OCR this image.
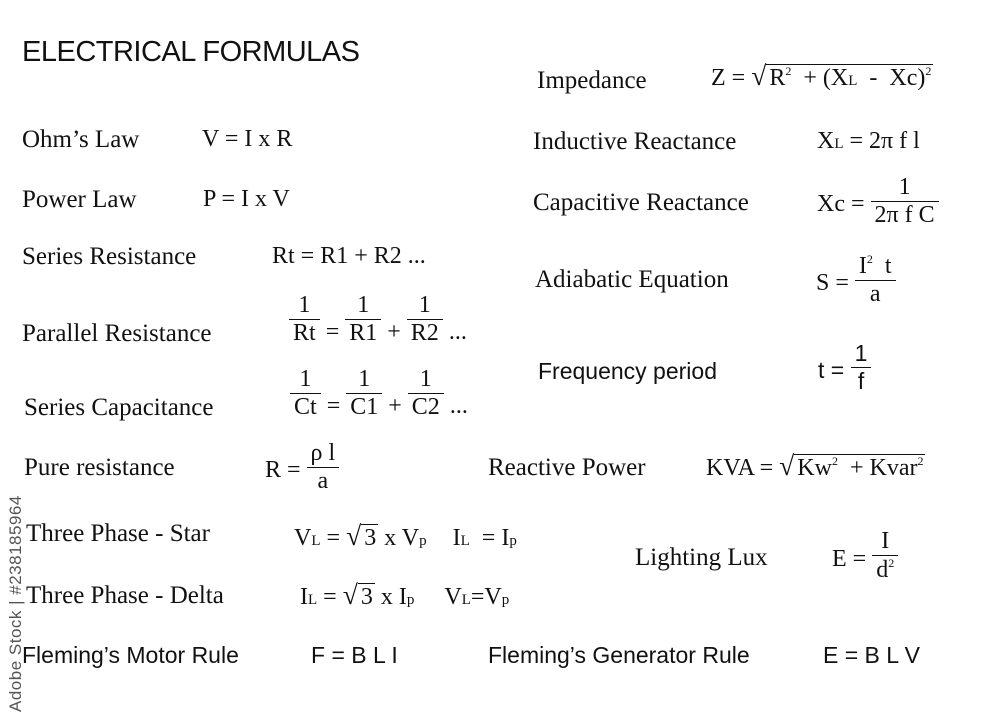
ELECTRICAL FORMULAS
Ohm’s Law	V = I x R
Power Law	P = I x V
Series Resistance	Rt = R1 + R2 ...
Parallel Resistance	$\frac{1}{Rt} = \frac{1}{R1} + \frac{1}{R2}$ ...
Series Capacitance	$\frac{1}{Ct} = \frac{1}{C1} + \frac{1}{C2}$ ...
Pure resistance	$R = \frac{\text{ρ l}}{a}$
Three Phase - Star	VL = √ 3 x Vp IL  = Ip
Three Phase - Delta	IL = √ 3 x Ip VL=Vp
Fleming’s Motor Rule	F = B L I
Impedance	Z = √ $R^2 + (XL - Xc)^2$
Inductive Reactance	XL = 2π f l
Capacitive Reactance	$Xc = \frac{1}{\text{2π f C}}$
Adiabatic Equation	$S = \frac{I^2 t}{a}$
Frequency period	$t = \frac{1}{f}$
Reactive Power	KVA = √ Kw$^2$  + Kvar$^2$
Lighting Lux	$E = \frac{I}{d^2}$
Fleming’s Generator Rule	E = B L V
Adobe Stock | #238185964
